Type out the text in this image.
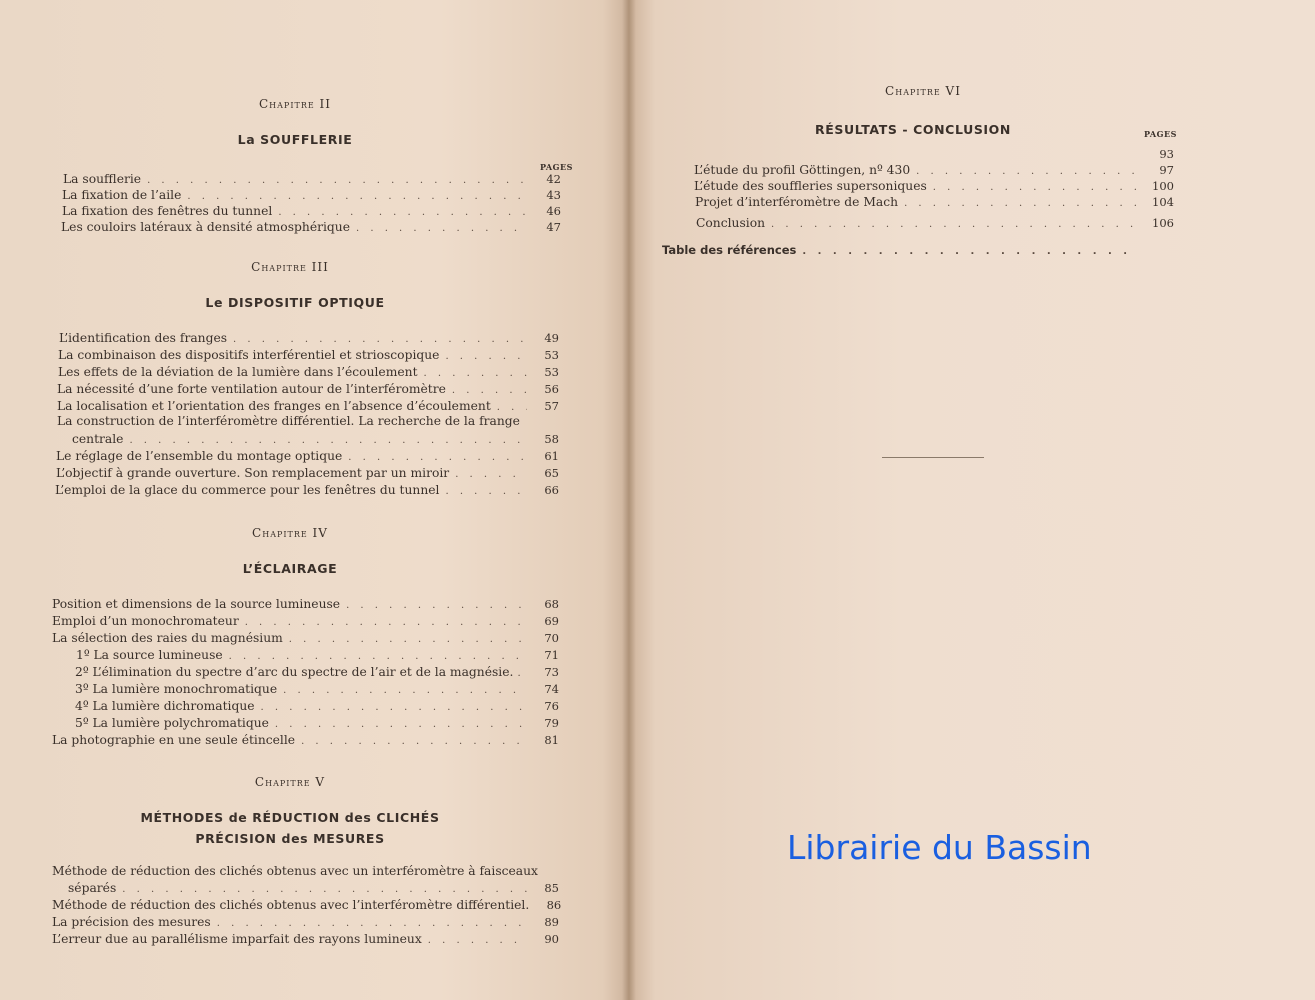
Chapitre II
La SOUFFLERIE
PAGES
La soufflerie . . .	42
La fixation de l’aile . . .	43
La fixation des fenêtres du tunnel . . .	46
Les couloirs latéraux à densité atmosphérique . . .	47
Chapitre III
Le DISPOSITIF OPTIQUE
L’identification des franges . . .	49
La combinaison des dispositifs interférentiel et strioscopique . . .	53
Les effets de la déviation de la lumière dans l’écoulement . . .	53
La nécessité d’une forte ventilation autour de l’interféromètre . . .	56
La localisation et l’orientation des franges en l’absence d’écoulement . . .	57
La construction de l’interféromètre différentiel. La recherche de la frange
centrale . . .	58
Le réglage de l’ensemble du montage optique . . .	61
L’objectif à grande ouverture. Son remplacement par un miroir . . .	65
L’emploi de la glace du commerce pour les fenêtres du tunnel . . .	66
Chapitre IV
L’ÉCLAIRAGE
Position et dimensions de la source lumineuse . . .	68
Emploi d’un monochromateur . . .	69
La sélection des raies du magnésium . . .	70
1º La source lumineuse . . .	71
2º L’élimination du spectre d’arc du spectre de l’air et de la magnésie. . . .	73
3º La lumière monochromatique . . .	74
4º La lumière dichromatique . . .	76
5º La lumière polychromatique . . .	79
La photographie en une seule étincelle . . .	81
Chapitre V
MÉTHODES de RÉDUCTION des CLICHÉS
PRÉCISION des MESURES
Méthode de réduction des clichés obtenus avec un interféromètre à faisceaux
séparés . . .	85
Méthode de réduction des clichés obtenus avec l’interféromètre différentiel.	86
La précision des mesures . . .	89
L’erreur due au parallélisme imparfait des rayons lumineux . . .	90
Chapitre VI
RÉSULTATS - CONCLUSION	PAGES
93
L’étude du profil Göttingen, nº 430 . . .	97
L’étude des souffleries supersoniques . . .	100
Projet d’interféromètre de Mach . . .	104
Conclusion . . .	106
Table des références
. . .
Librairie du Bassin
